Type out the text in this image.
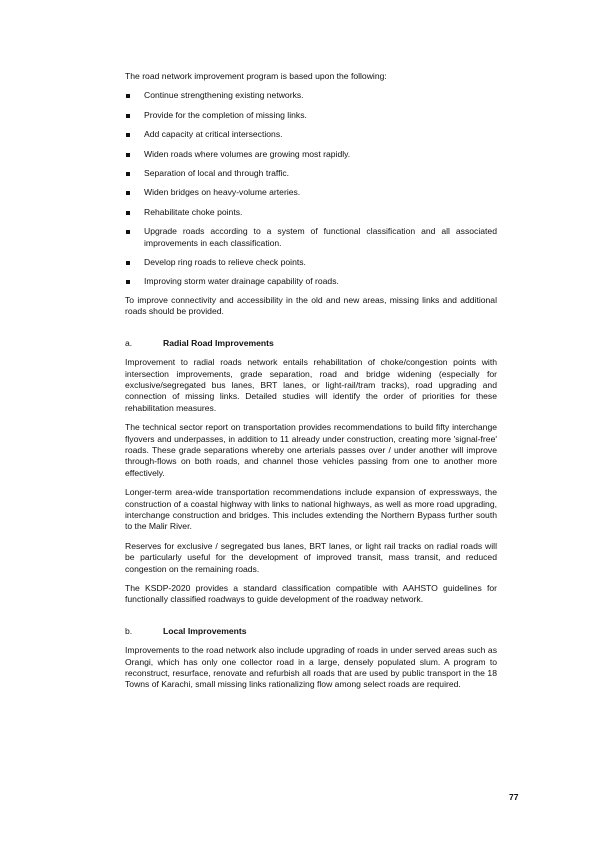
The road network improvement program is based upon the following:

Continue strengthening existing networks.
Provide for the completion of missing links.
Add capacity at critical intersections.
Widen roads where volumes are growing most rapidly.
Separation of local and through traffic.
Widen bridges on heavy-volume arteries.
Rehabilitate choke points.
Upgrade roads according to a system of functional classification and all associated improvements in each classification.
Develop ring roads to relieve check points.
Improving storm water drainage capability of roads.

To improve connectivity and accessibility in the old and new areas, missing links and additional roads should be provided.

a.	Radial Road Improvements

Improvement to radial roads network entails rehabilitation of choke/congestion points with intersection improvements, grade separation, road and bridge widening (especially for exclusive/segregated bus lanes, BRT lanes, or light-rail/tram tracks), road upgrading and connection of missing links. Detailed studies will identify the order of priorities for these rehabilitation measures.

The technical sector report on transportation provides recommendations to build fifty interchange flyovers and underpasses, in addition to 11 already under construction, creating more 'signal-free' roads. These grade separations whereby one arterials passes over / under another will improve through-flows on both roads, and channel those vehicles passing from one to another more effectively.

Longer-term area-wide transportation recommendations include expansion of expressways, the construction of a coastal highway with links to national highways, as well as more road upgrading, interchange construction and bridges. This includes extending the Northern Bypass further south to the Malir River.

Reserves for exclusive / segregated bus lanes, BRT lanes, or light rail tracks on radial roads will be particularly useful for the development of improved transit, mass transit, and reduced congestion on the remaining roads.

The KSDP-2020 provides a standard classification compatible with AAHSTO guidelines for functionally classified roadways to guide development of the roadway network.

b.	Local Improvements

Improvements to the road network also include upgrading of roads in under served areas such as Orangi, which has only one collector road in a large, densely populated slum. A program to reconstruct, resurface, renovate and refurbish all roads that are used by public transport in the 18 Towns of Karachi, small missing links rationalizing flow among select roads are required.

77
